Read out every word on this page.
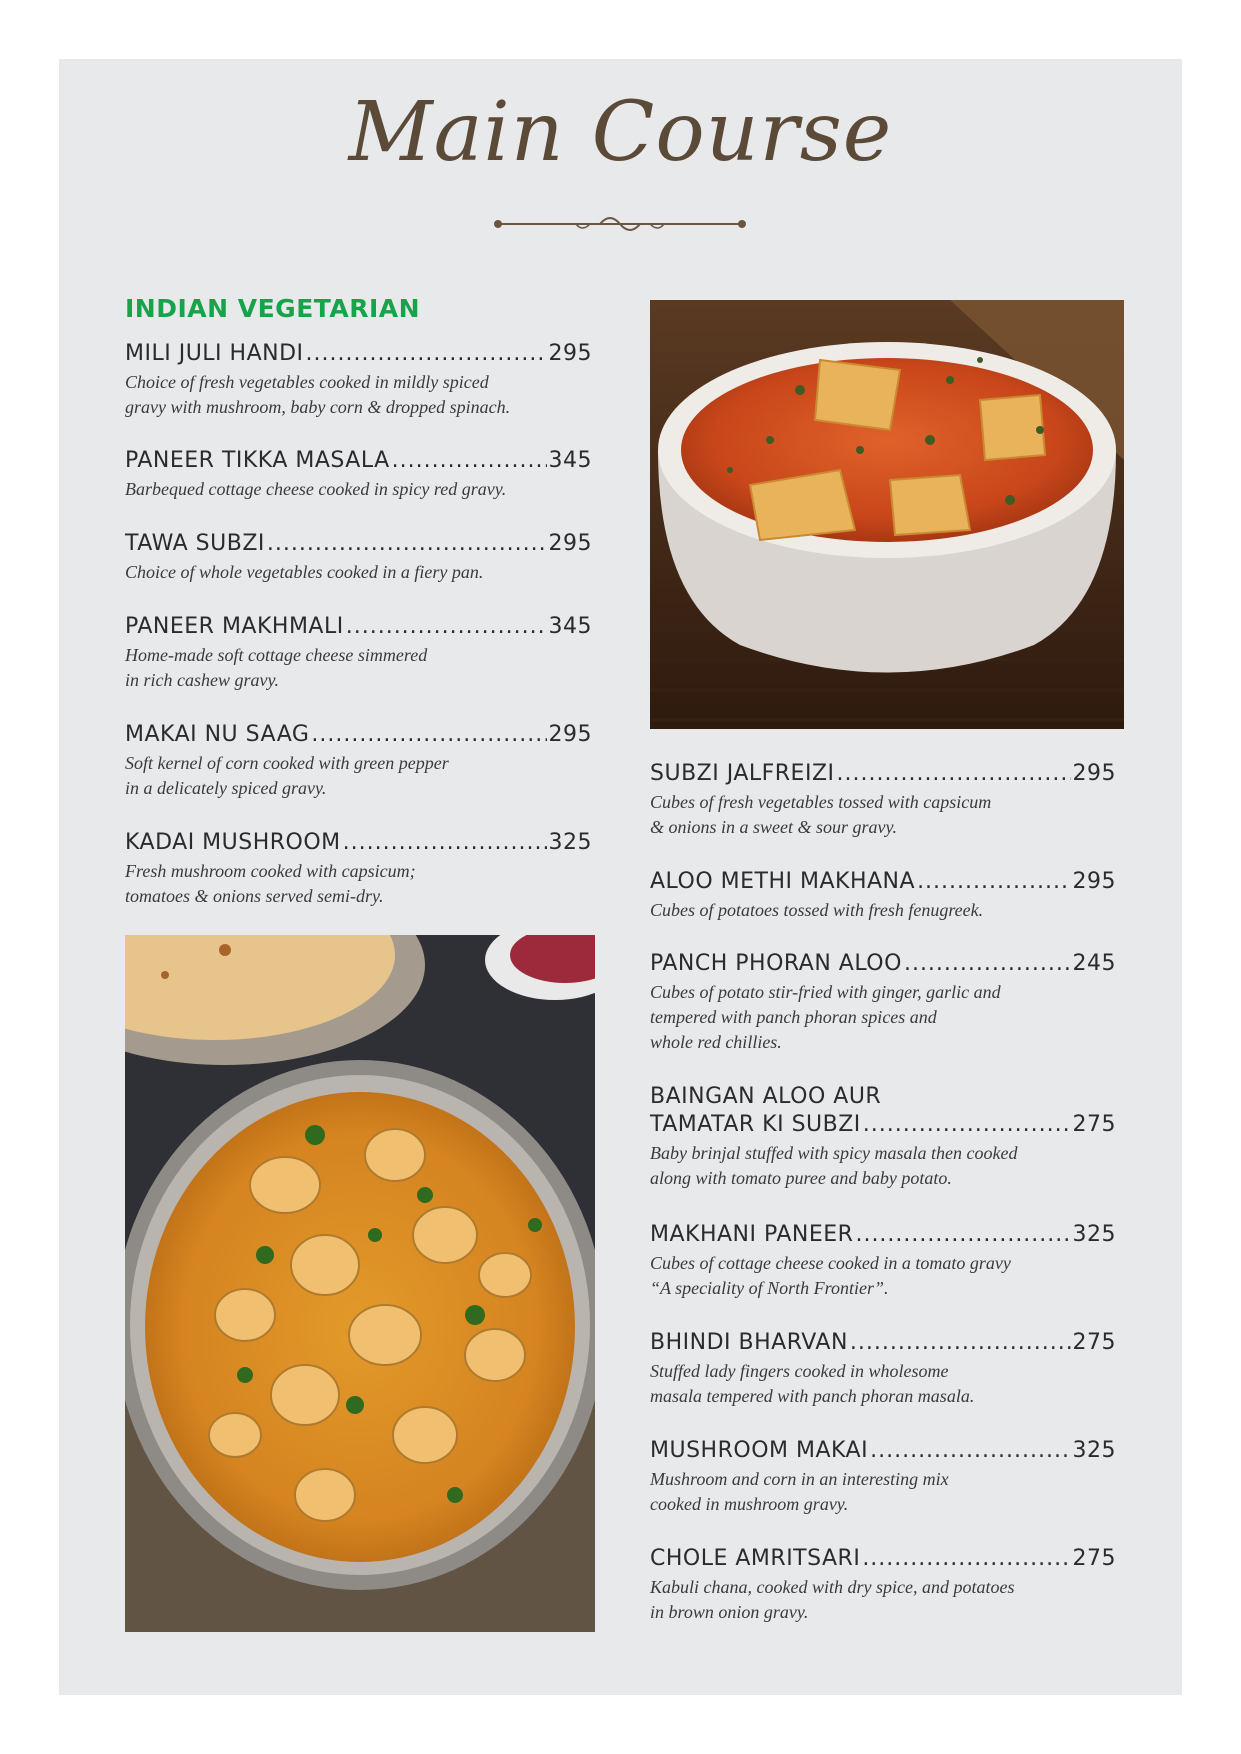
Main Course
INDIAN VEGETARIAN
MILI JULI HANDI .....	295
Choice of fresh vegetables cooked in mildly spiced
gravy with mushroom, baby corn & dropped spinach.
PANEER TIKKA MASALA .....	345
Barbequed cottage cheese cooked in spicy red gravy.
TAWA SUBZI .....	295
Choice of whole vegetables cooked in a fiery pan.
PANEER MAKHMALI .....	345
Home-made soft cottage cheese simmered
in rich cashew gravy.
MAKAI NU SAAG .....	295
Soft kernel of corn cooked with green pepper
in a delicately spiced gravy.
KADAI MUSHROOM .....	325
Fresh mushroom cooked with capsicum;
tomatoes & onions served semi-dry.
SUBZI JALFREIZI .....	295
Cubes of fresh vegetables tossed with capsicum
& onions in a sweet & sour gravy.
ALOO METHI MAKHANA .....	295
Cubes of potatoes tossed with fresh fenugreek.
PANCH PHORAN ALOO .....	245
Cubes of potato stir-fried with ginger, garlic and
tempered with panch phoran spices and
whole red chillies.
BAINGAN ALOO AUR
TAMATAR KI SUBZI .....	275
Baby brinjal stuffed with spicy masala then cooked
along with tomato puree and baby potato.
MAKHANI PANEER .....	325
Cubes of cottage cheese cooked in a tomato gravy
“A speciality of North Frontier”.
BHINDI BHARVAN .....	275
Stuffed lady fingers cooked in wholesome
masala tempered with panch phoran masala.
MUSHROOM MAKAI .....	325
Mushroom and corn in an interesting mix
cooked in mushroom gravy.
CHOLE AMRITSARI .....	275
Kabuli chana, cooked with dry spice, and potatoes
in brown onion gravy.
